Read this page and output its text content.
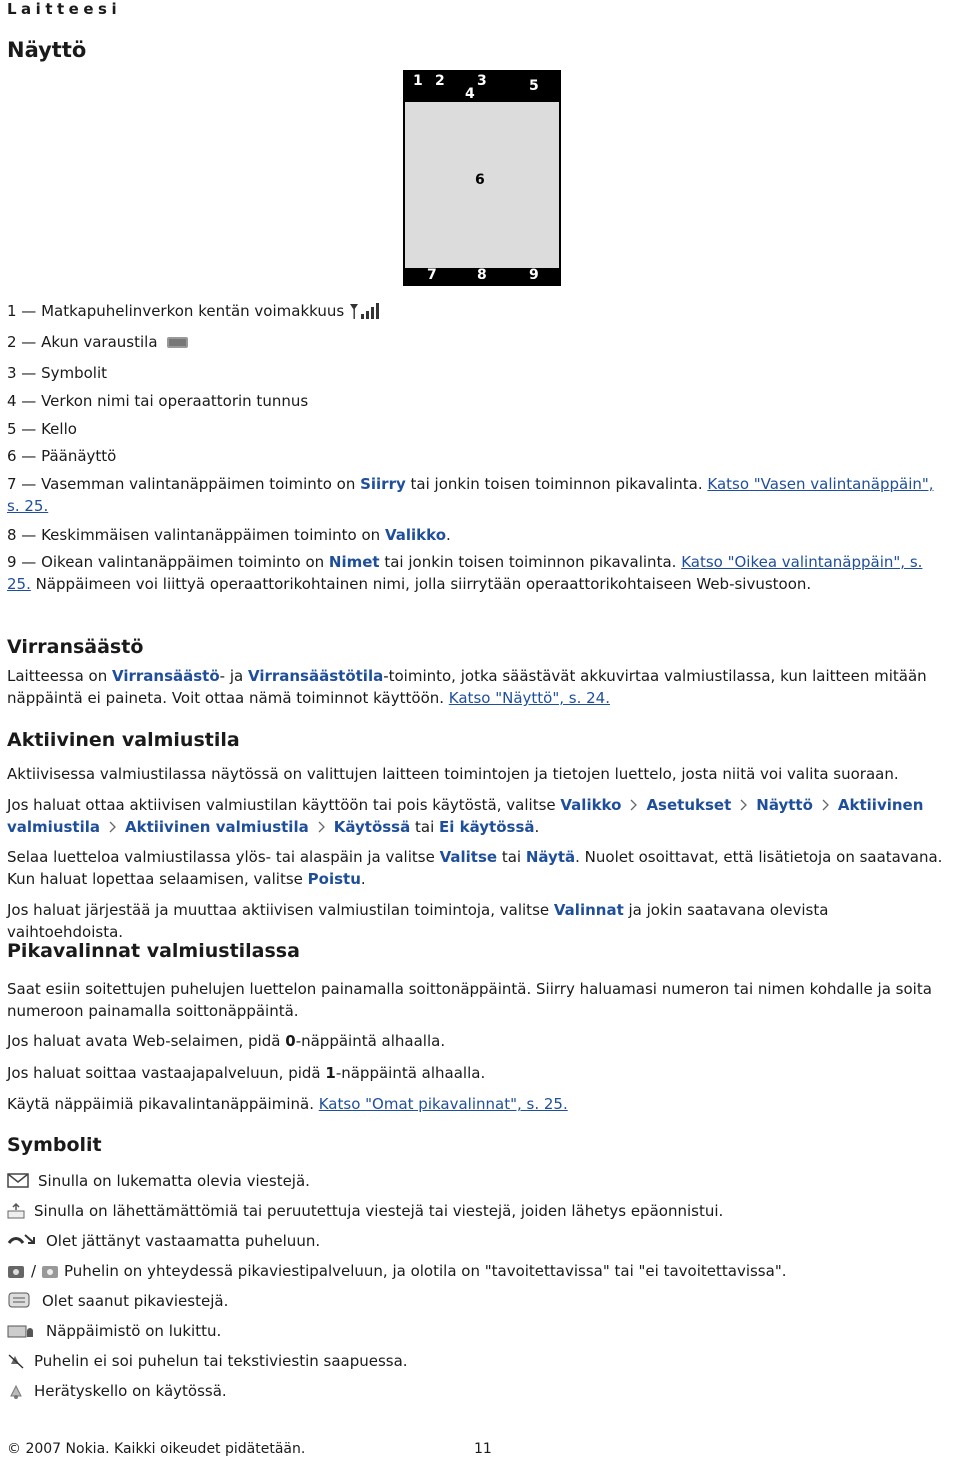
Laitteesi
Näyttö
1 2 3
4	5
6
7	8	9
1 — Matkapuhelinverkon kentän voimakkuus
2 — Akun varaustila
3 — Symbolit
4 — Verkon nimi tai operaattorin tunnus
5 — Kello
6 — Päänäyttö

7 — Vasemman valintanäppäimen toiminto on Siirry tai jonkin toisen toiminnon pikavalinta. Katso "Vasen valintanäppäin", s. 25.

8 — Keskimmäisen valintanäppäimen toiminto on Valikko.

9 — Oikean valintanäppäimen toiminto on Nimet tai jonkin toisen toiminnon pikavalinta. Katso "Oikea valintanäppäin", s. 25. Näppäimeen voi liittyä operaattorikohtainen nimi, jolla siirrytään operaattorikohtaiseen Web-sivustoon.

Virransäästö

Laitteessa on Virransäästö- ja Virransäästötila-toiminto, jotka säästävät akkuvirtaa valmiustilassa, kun laitteen mitään näppäintä ei paineta. Voit ottaa nämä toiminnot käyttöön. Katso "Näyttö", s. 24.

Aktiivinen valmiustila

Aktiivisessa valmiustilassa näytössä on valittujen laitteen toimintojen ja tietojen luettelo, josta niitä voi valita suoraan.

Jos haluat ottaa aktiivisen valmiustilan käyttöön tai pois käytöstä, valitse Valikko Asetukset Näyttö Aktiivinen valmiustila Aktiivinen valmiustila Käytössä tai Ei käytössä.

Selaa luetteloa valmiustilassa ylös- tai alaspäin ja valitse Valitse tai Näytä. Nuolet osoittavat, että lisätietoja on saatavana. Kun haluat lopettaa selaamisen, valitse Poistu.

Jos haluat järjestää ja muuttaa aktiivisen valmiustilan toimintoja, valitse Valinnat ja jokin saatavana olevista vaihtoehdoista.

Pikavalinnat valmiustilassa

Saat esiin soitettujen puhelujen luettelon painamalla soittonäppäintä. Siirry haluamasi numeron tai nimen kohdalle ja soita numeroon painamalla soittonäppäintä.

Jos haluat avata Web-selaimen, pidä 0-näppäintä alhaalla.

Jos haluat soittaa vastaajapalveluun, pidä 1-näppäintä alhaalla.

Käytä näppäimiä pikavalintanäppäiminä. Katso "Omat pikavalinnat", s. 25.

Symbolit
Sinulla on lukematta olevia viestejä.
Sinulla on lähettämättömiä tai peruutettuja viestejä tai viestejä, joiden lähetys epäonnistui.
Olet jättänyt vastaamatta puheluun.
/ Puhelin on yhteydessä pikaviestipalveluun, ja olotila on "tavoitettavissa" tai "ei tavoitettavissa".
Olet saanut pikaviestejä.
Näppäimistö on lukittu.
Puhelin ei soi puhelun tai tekstiviestin saapuessa.
Herätyskello on käytössä.
© 2007 Nokia. Kaikki oikeudet pidätetään.	11
